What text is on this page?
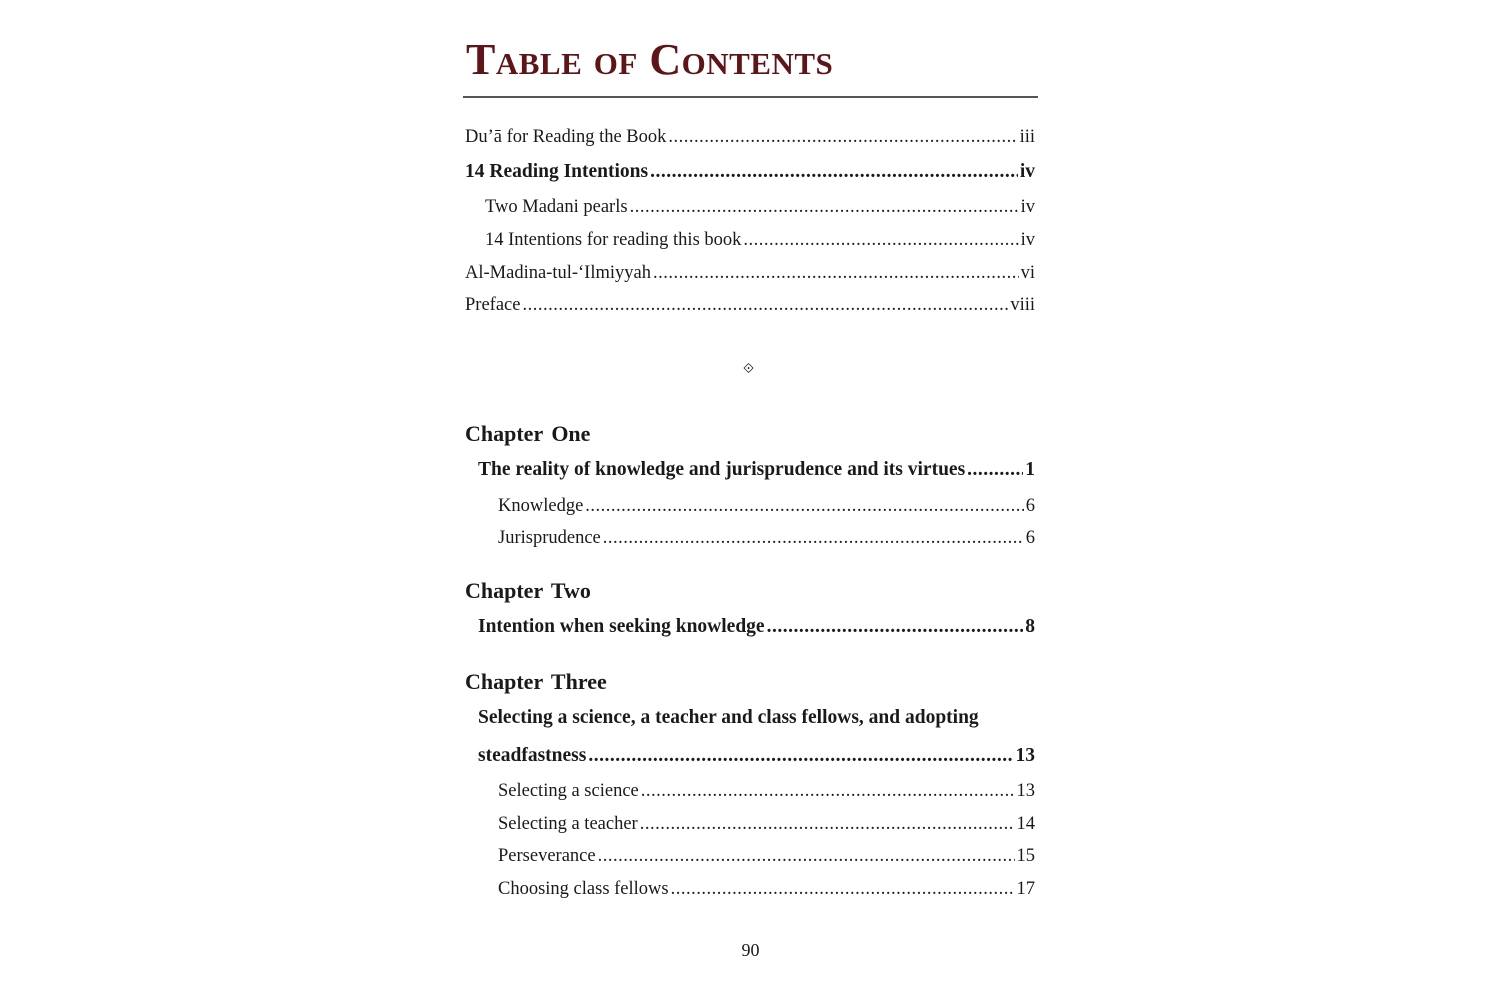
Table of Contents
Du’ā for Reading the Book .....	iii
14 Reading Intentions .....	iv
Two Madani pearls .....	iv
14 Intentions for reading this book .....	iv
Al-Madina-tul-‘Ilmiyyah .....	vi
Preface .....	viii
⟐
Chapter One
The reality of knowledge and jurisprudence and its virtues .....	1
Knowledge .....	6
Jurisprudence .....	6
Chapter Two
Intention when seeking knowledge .....	8
Chapter Three
Selecting a science, a teacher and class fellows, and adopting
steadfastness .....	13
Selecting a science .....	13
Selecting a teacher .....	14
Perseverance .....	15
Choosing class fellows .....	17
90
